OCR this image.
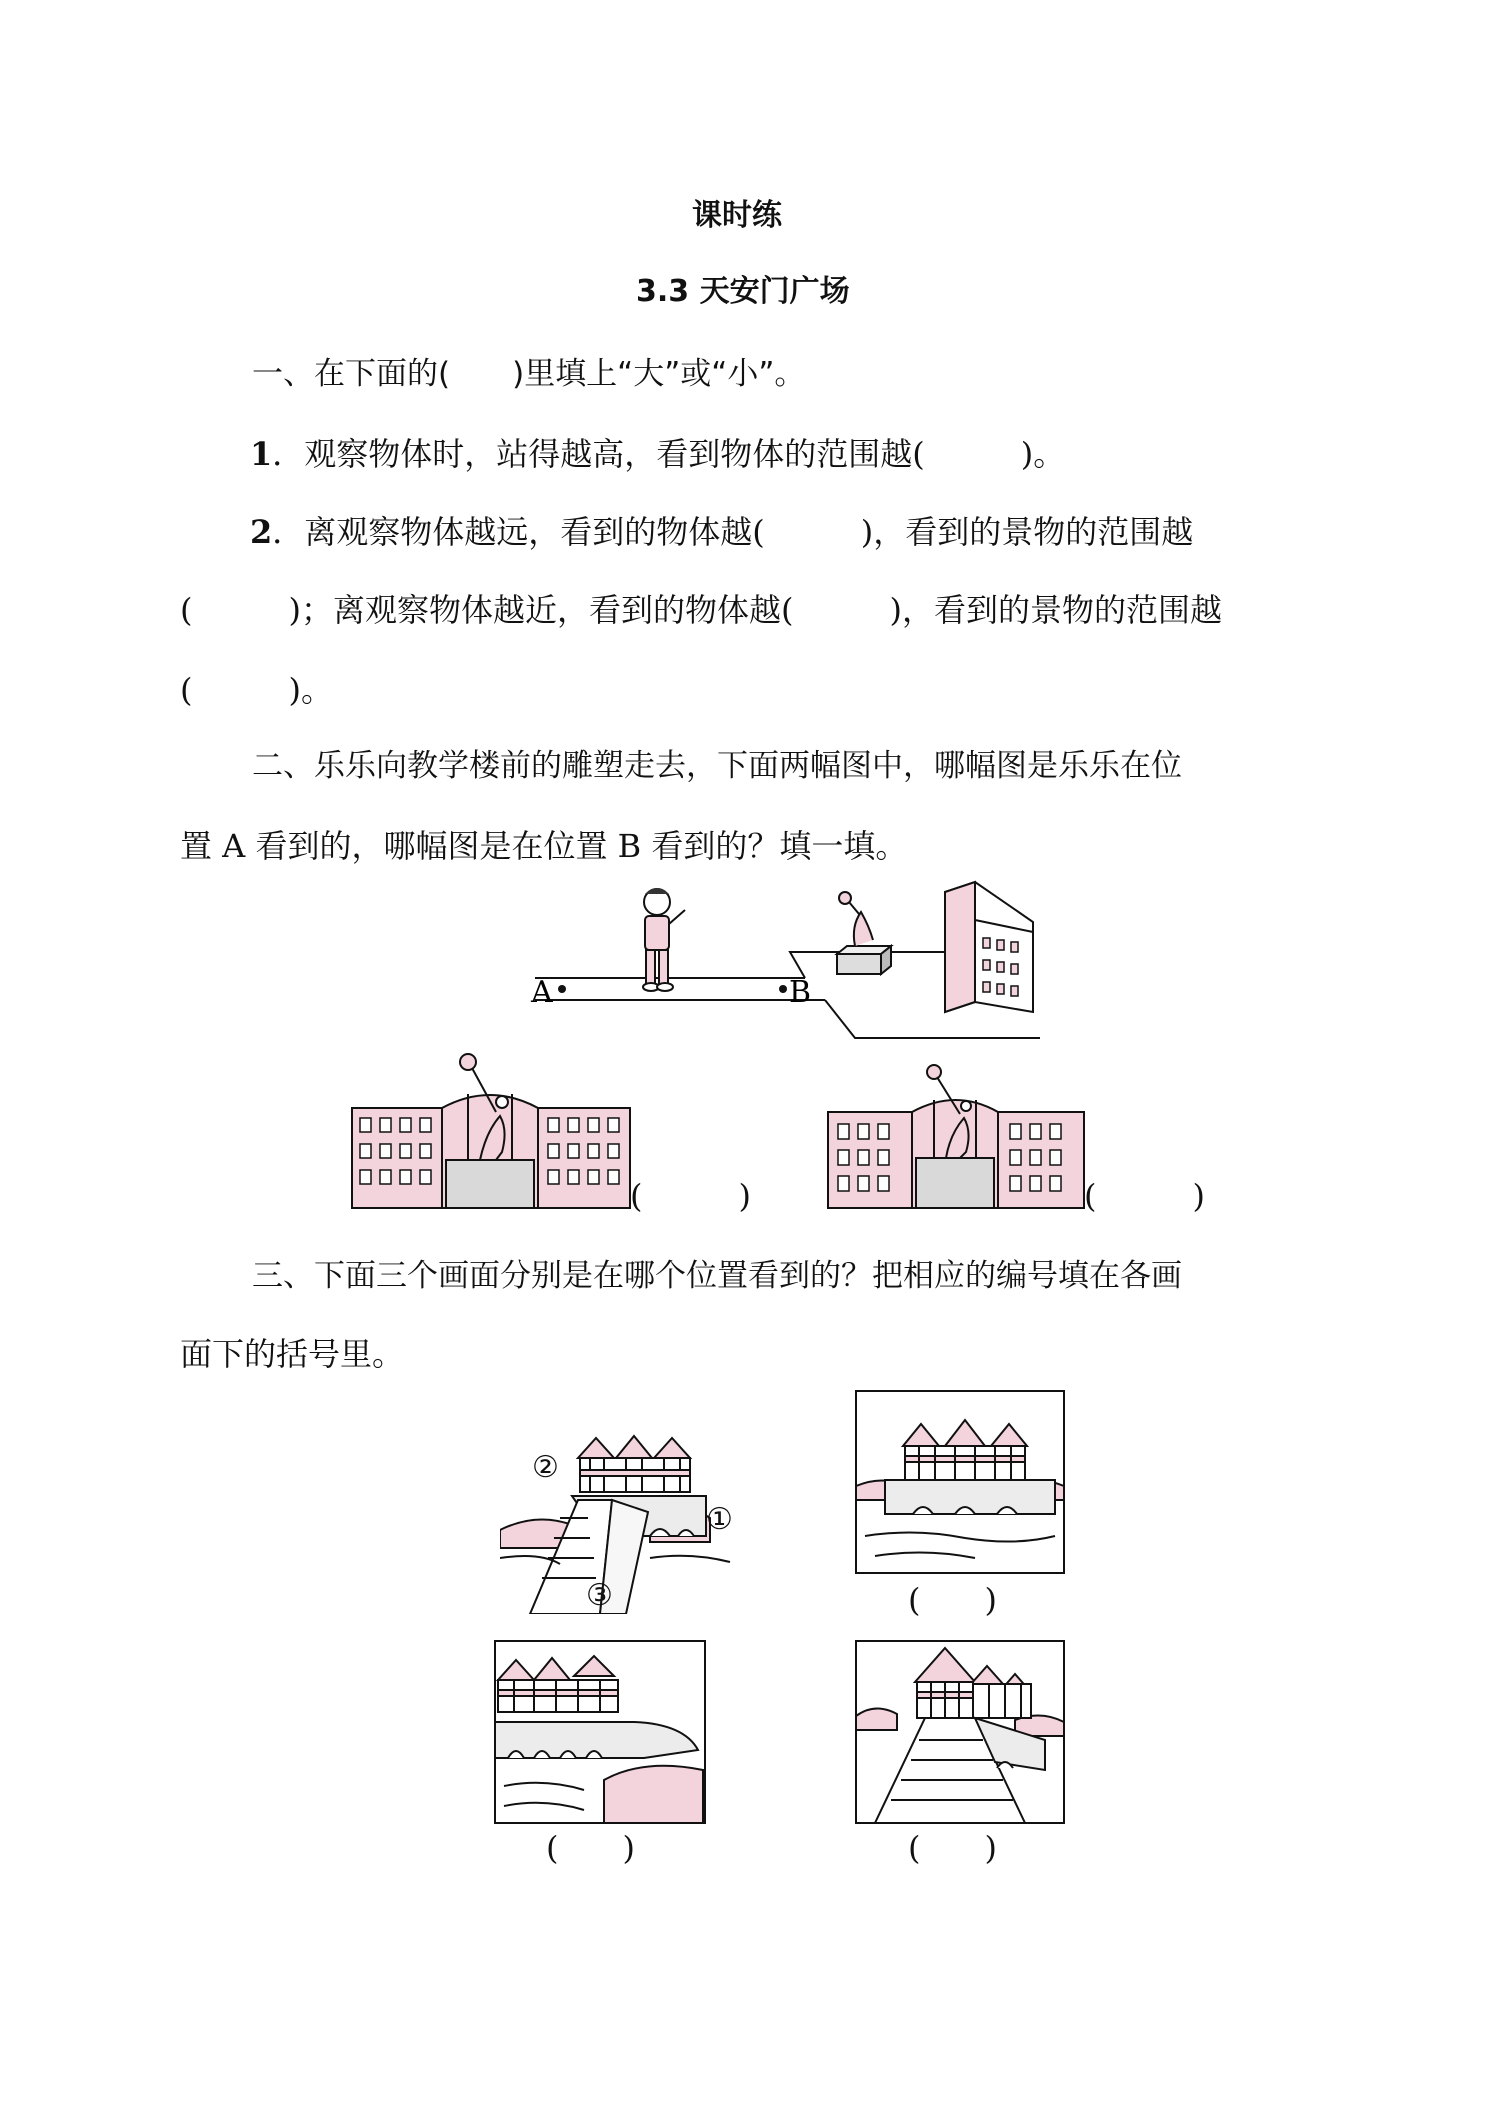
课时练
3.3 天安门广场
一、在下面的(　　)里填上“大”或“小”。
1．观察物体时，站得越高，看到物体的范围越(　　　)。
2．离观察物体越远，看到的物体越(　　　)，看到的景物的范围越
(　　　)；离观察物体越近，看到的物体越(　　　)，看到的景物的范围越
(　　　)。
二、乐乐向教学楼前的雕塑走去，下面两幅图中，哪幅图是乐乐在位
置 A 看到的，哪幅图是在位置 B 看到的？填一填。
A	B
(　　　)	(　　　)
三、下面三个画面分别是在哪个位置看到的？把相应的编号填在各画
面下的括号里。
②
①
③	(　　)
(　　)	(　　)
